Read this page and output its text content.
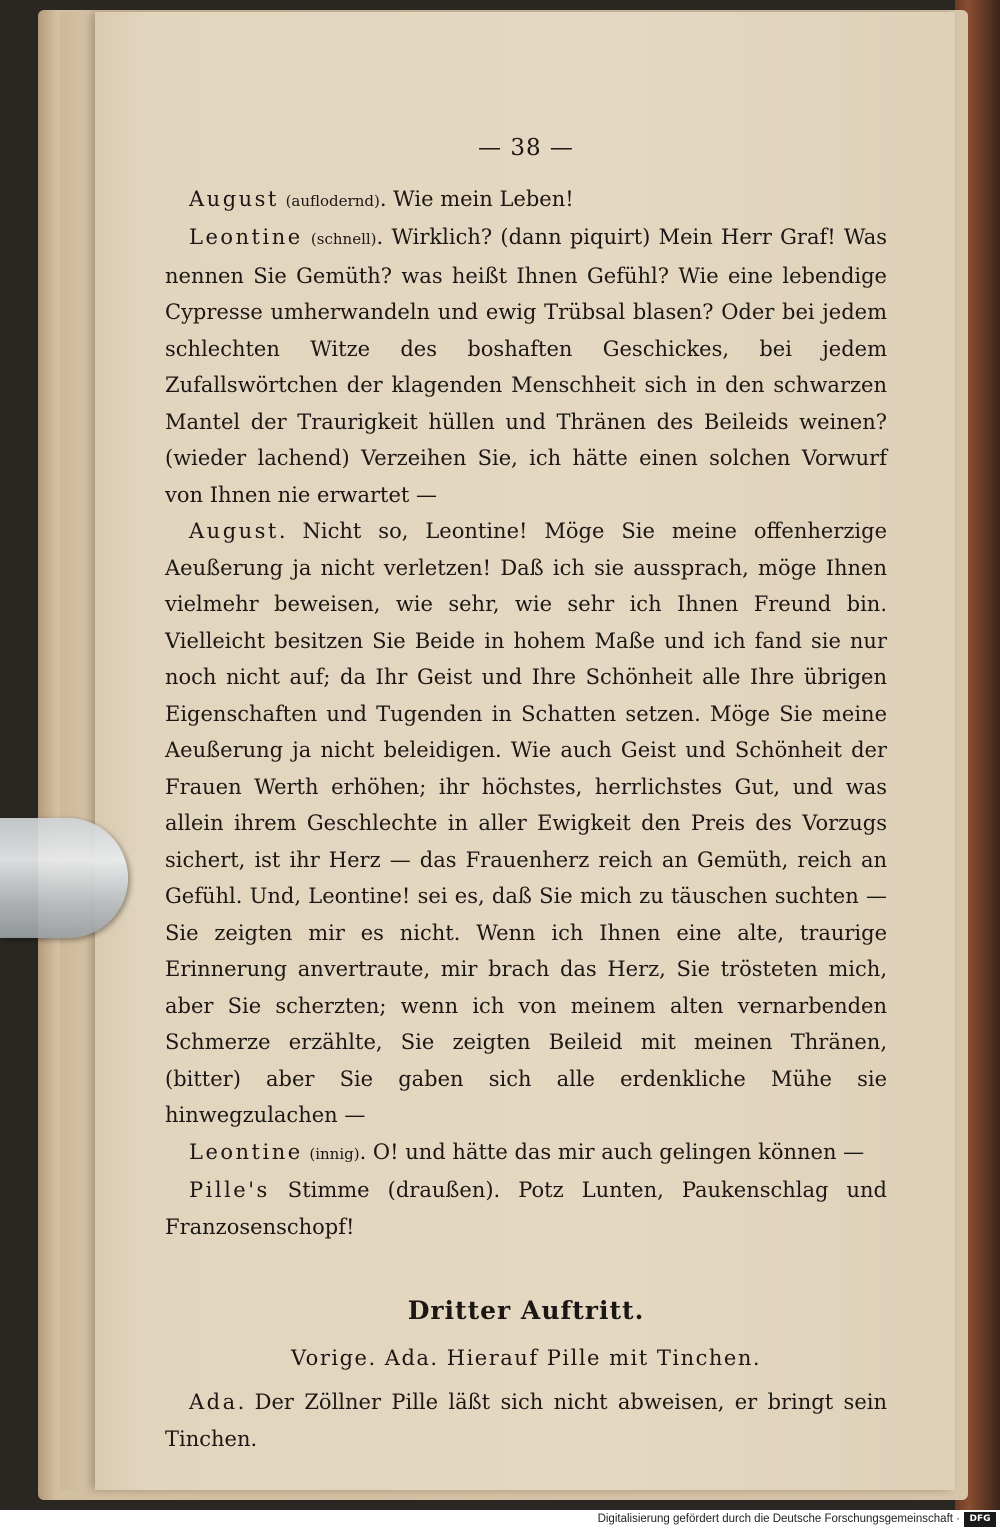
— 38 —

August (auflodernd). Wie mein Leben!

Leontine (schnell). Wirklich? (dann piquirt) Mein Herr Graf! Was nennen Sie Gemüth? was heißt Ihnen Gefühl? Wie eine lebendige Cypresse umherwandeln und ewig Trübsal blasen? Oder bei jedem schlechten Witze des boshaften Geschickes, bei jedem Zufallswörtchen der klagenden Menschheit sich in den schwarzen Mantel der Traurigkeit hüllen und Thränen des Beileids weinen? (wieder lachend) Verzeihen Sie, ich hätte einen solchen Vorwurf von Ihnen nie erwartet —

August. Nicht so, Leontine! Möge Sie meine offenherzige Aeußerung ja nicht verletzen! Daß ich sie aussprach, möge Ihnen vielmehr beweisen, wie sehr, wie sehr ich Ihnen Freund bin. Vielleicht besitzen Sie Beide in hohem Maße und ich fand sie nur noch nicht auf; da Ihr Geist und Ihre Schönheit alle Ihre übrigen Eigenschaften und Tugenden in Schatten setzen. Möge Sie meine Aeußerung ja nicht beleidigen. Wie auch Geist und Schönheit der Frauen Werth erhöhen; ihr höchstes, herrlichstes Gut, und was allein ihrem Geschlechte in aller Ewigkeit den Preis des Vorzugs sichert, ist ihr Herz — das Frauenherz reich an Gemüth, reich an Gefühl. Und, Leontine! sei es, daß Sie mich zu täuschen suchten — Sie zeigten mir es nicht. Wenn ich Ihnen eine alte, traurige Erinnerung anvertraute, mir brach das Herz, Sie trösteten mich, aber Sie scherzten; wenn ich von meinem alten vernarbenden Schmerze erzählte, Sie zeigten Beileid mit meinen Thränen, (bitter) aber Sie gaben sich alle erdenkliche Mühe sie hinwegzulachen —

Leontine (innig). O! und hätte das mir auch gelingen können —

Pille's Stimme (draußen). Potz Lunten, Paukenschlag und Franzosenschopf!

Dritter Auftritt.
Vorige. Ada. Hierauf Pille mit Tinchen.

Ada. Der Zöllner Pille läßt sich nicht abweisen, er bringt sein Tinchen.

Digitalisierung gefördert durch die Deutsche Forschungsgemeinschaft ·	DFG
